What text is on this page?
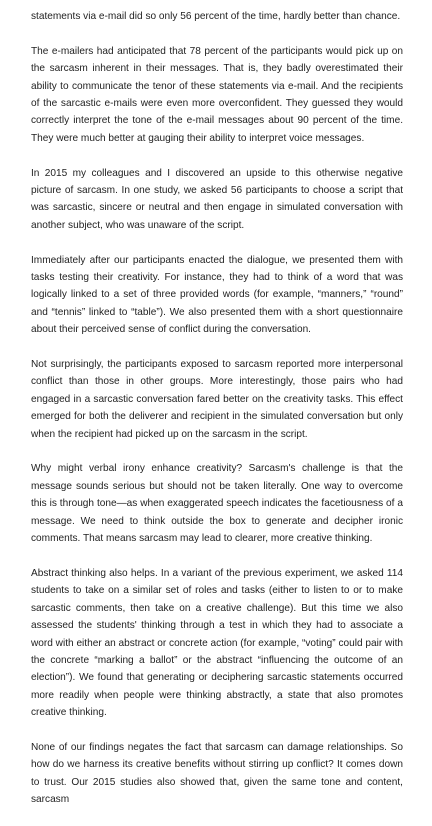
statements via e-mail did so only 56 percent of the time, hardly better than chance.

The e-mailers had anticipated that 78 percent of the participants would pick up on the sarcasm inherent in their messages. That is, they badly overestimated their ability to communicate the tenor of these statements via e-mail. And the recipients of the sarcastic e-mails were even more overconfident. They guessed they would correctly interpret the tone of the e-mail messages about 90 percent of the time. They were much better at gauging their ability to interpret voice messages.

In 2015 my colleagues and I discovered an upside to this otherwise negative picture of sarcasm. In one study, we asked 56 participants to choose a script that was sarcastic, sincere or neutral and then engage in simulated conversation with another subject, who was unaware of the script.

Immediately after our participants enacted the dialogue, we presented them with tasks testing their creativity. For instance, they had to think of a word that was logically linked to a set of three provided words (for example, “manners,” “round” and “tennis” linked to “table”). We also presented them with a short questionnaire about their perceived sense of conflict during the conversation.

Not surprisingly, the participants exposed to sarcasm reported more interpersonal conflict than those in other groups. More interestingly, those pairs who had engaged in a sarcastic conversation fared better on the creativity tasks. This effect emerged for both the deliverer and recipient in the simulated conversation but only when the recipient had picked up on the sarcasm in the script.

Why might verbal irony enhance creativity? Sarcasm's challenge is that the message sounds serious but should not be taken literally. One way to overcome this is through tone—as when exaggerated speech indicates the facetiousness of a message. We need to think outside the box to generate and decipher ironic comments. That means sarcasm may lead to clearer, more creative thinking.

Abstract thinking also helps. In a variant of the previous experiment, we asked 114 students to take on a similar set of roles and tasks (either to listen to or to make sarcastic comments, then take on a creative challenge). But this time we also assessed the students' thinking through a test in which they had to associate a word with either an abstract or concrete action (for example, “voting” could pair with the concrete “marking a ballot” or the abstract “influencing the outcome of an election”). We found that generating or deciphering sarcastic statements occurred more readily when people were thinking abstractly, a state that also promotes creative thinking.

None of our findings negates the fact that sarcasm can damage relationships. So how do we harness its creative benefits without stirring up conflict? It comes down to trust. Our 2015 studies also showed that, given the same tone and content, sarcasm
